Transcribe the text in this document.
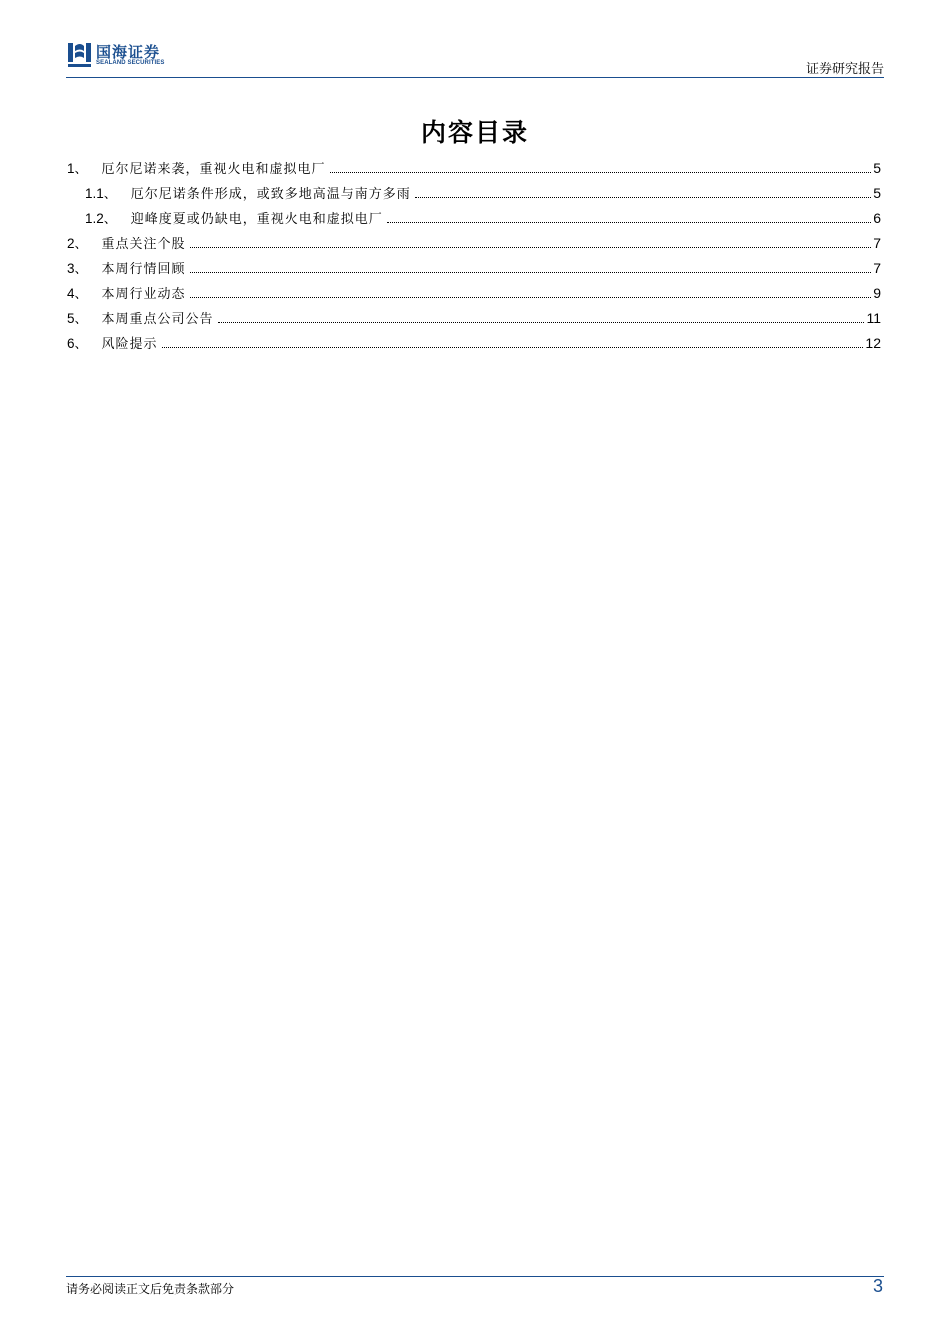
国海证券
SEALAND SECURITIES	证券研究报告
内容目录
1 、 厄尔尼诺来袭，重视火电和虚拟电厂	5
1.1 、 厄尔尼诺条件形成，或致多地高温与南方多雨	5
1.2 、 迎峰度夏或仍缺电，重视火电和虚拟电厂	6
2 、 重点关注个股	7
3 、 本周行情回顾	7
4 、 本周行业动态	9
5 、 本周重点公司公告	11
6 、 风险提示	12
请务必阅读正文后免责条款部分	3
